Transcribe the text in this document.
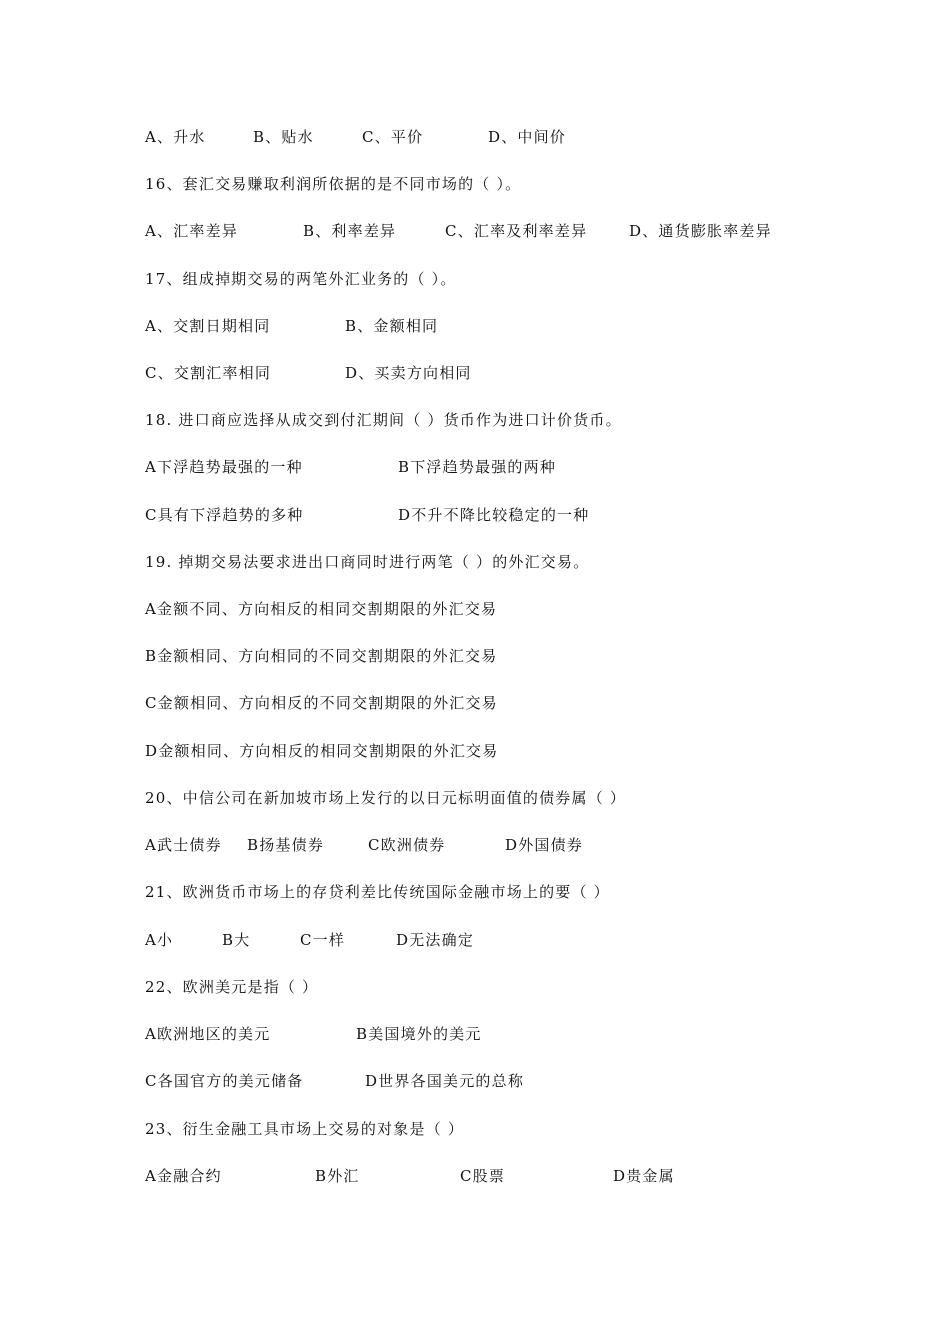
A、升水	B、贴水	C、平价	D、中间价
16、套汇交易赚取利润所依据的是不同市场的（ ）。
A、汇率差异	B、利率差异	C、汇率及利率差异	D、通货膨胀率差异
17、组成掉期交易的两笔外汇业务的（ ）。
A、交割日期相同	B、金额相同
C、交割汇率相同	D、买卖方向相同
18. 进口商应选择从成交到付汇期间（ ）货币作为进口计价货币。
A下浮趋势最强的一种	B下浮趋势最强的两种
C具有下浮趋势的多种	D不升不降比较稳定的一种
19. 掉期交易法要求进出口商同时进行两笔（ ）的外汇交易。
A金额不同、方向相反的相同交割期限的外汇交易
B金额相同、方向相同的不同交割期限的外汇交易
C金额相同、方向相反的不同交割期限的外汇交易
D金额相同、方向相反的相同交割期限的外汇交易
20、中信公司在新加坡市场上发行的以日元标明面值的债券属（ ）
A武士债券 B扬基债券	C欧洲债券	D外国债券
21、欧洲货币市场上的存贷利差比传统国际金融市场上的要（ ）
A小	B大	C一样	D无法确定
22、欧洲美元是指（ ）
A欧洲地区的美元	B美国境外的美元
C各国官方的美元储备	D世界各国美元的总称
23、衍生金融工具市场上交易的对象是（ ）
A金融合约	B外汇	C股票	D贵金属
